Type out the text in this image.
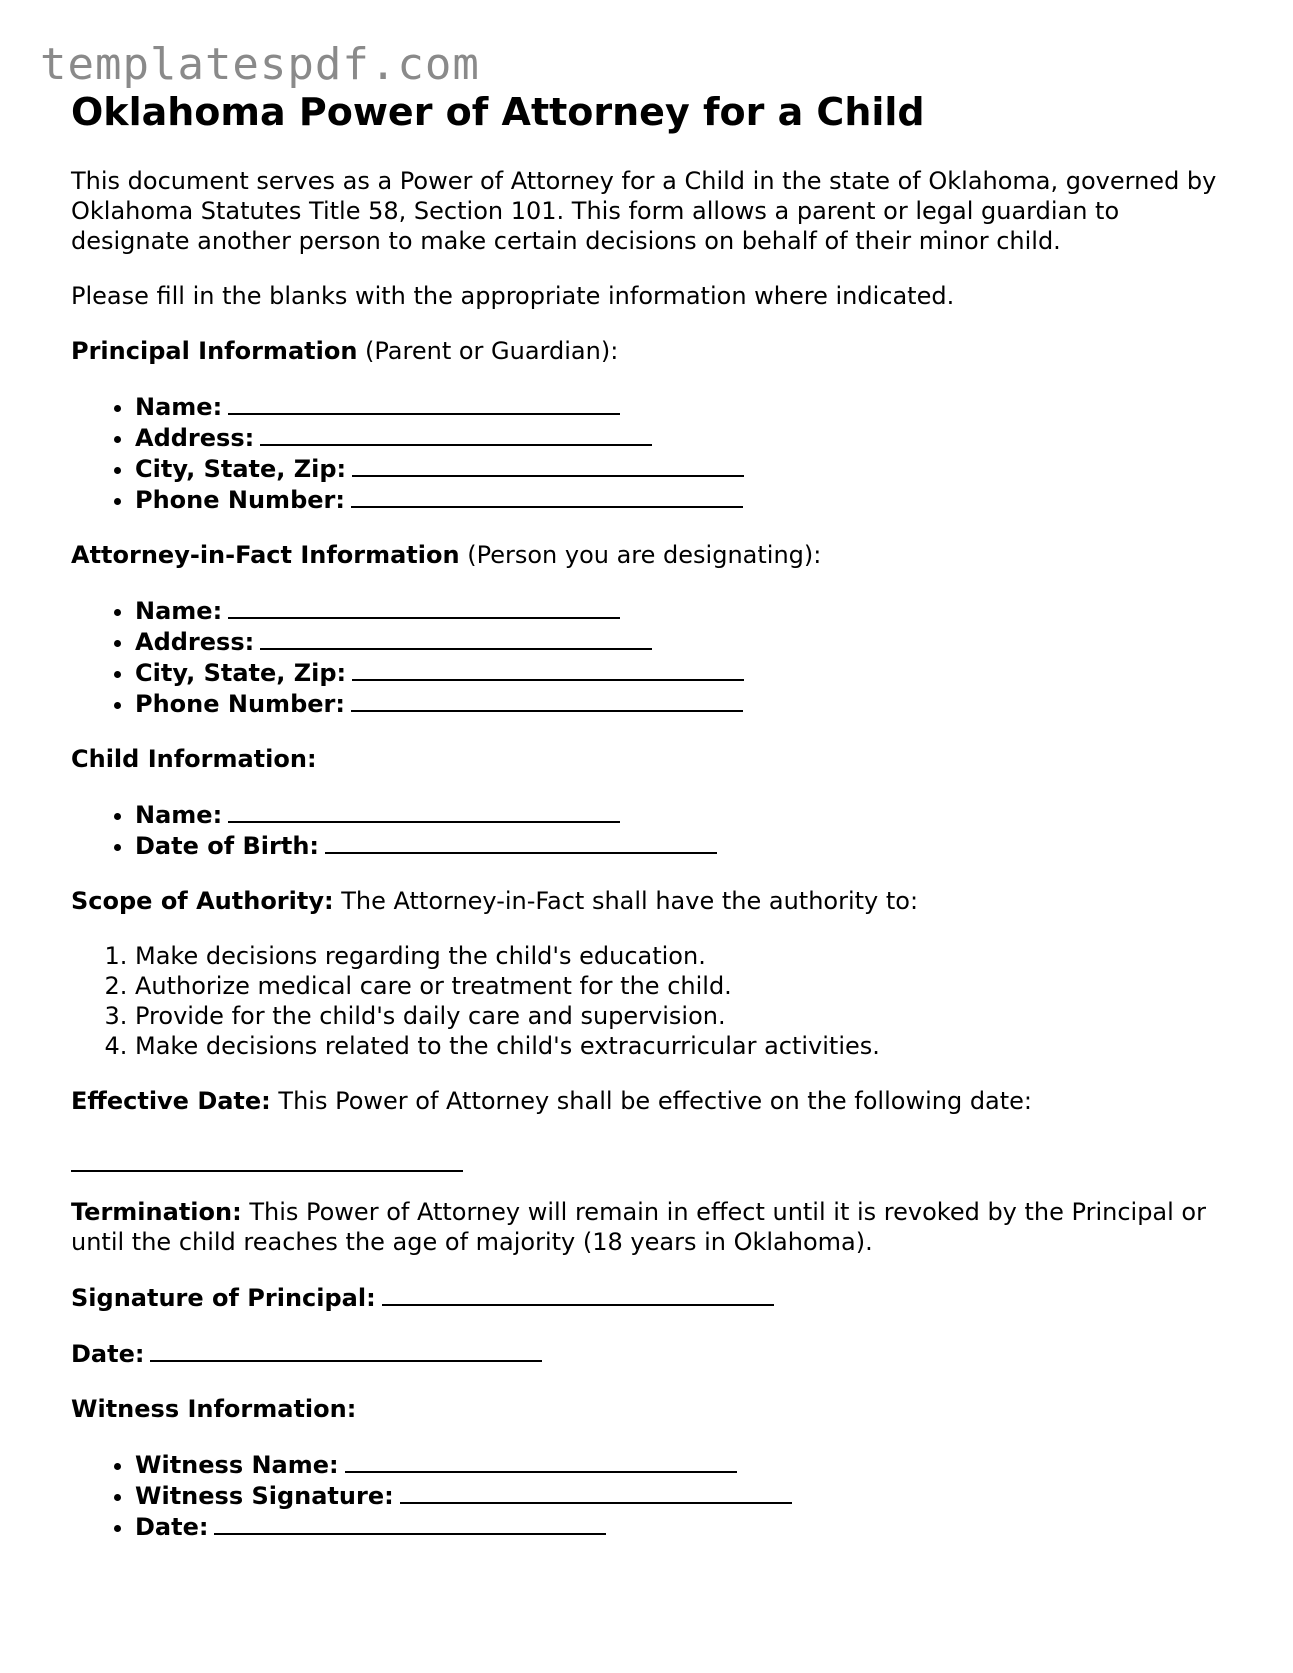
templatespdf.com
Oklahoma Power of Attorney for a Child

This document serves as a Power of Attorney for a Child in the state of Oklahoma, governed by Oklahoma Statutes Title 58, Section 101. This form allows a parent or legal guardian to designate another person to make certain decisions on behalf of their minor child.

Please fill in the blanks with the appropriate information where indicated.

Principal Information (Parent or Guardian):

• Name:
• Address:
• City, State, Zip:
• Phone Number:

Attorney-in-Fact Information (Person you are designating):

• Name:
• Address:
• City, State, Zip:
• Phone Number:

Child Information:

• Name:
• Date of Birth:

Scope of Authority: The Attorney-in-Fact shall have the authority to:

1. Make decisions regarding the child's education.
2. Authorize medical care or treatment for the child.
3. Provide for the child's daily care and supervision.
4. Make decisions related to the child's extracurricular activities.

Effective Date: This Power of Attorney shall be effective on the following date:

Termination: This Power of Attorney will remain in effect until it is revoked by the Principal or until the child reaches the age of majority (18 years in Oklahoma).

Signature of Principal:

Date:

Witness Information:

• Witness Name:
• Witness Signature:
• Date:
